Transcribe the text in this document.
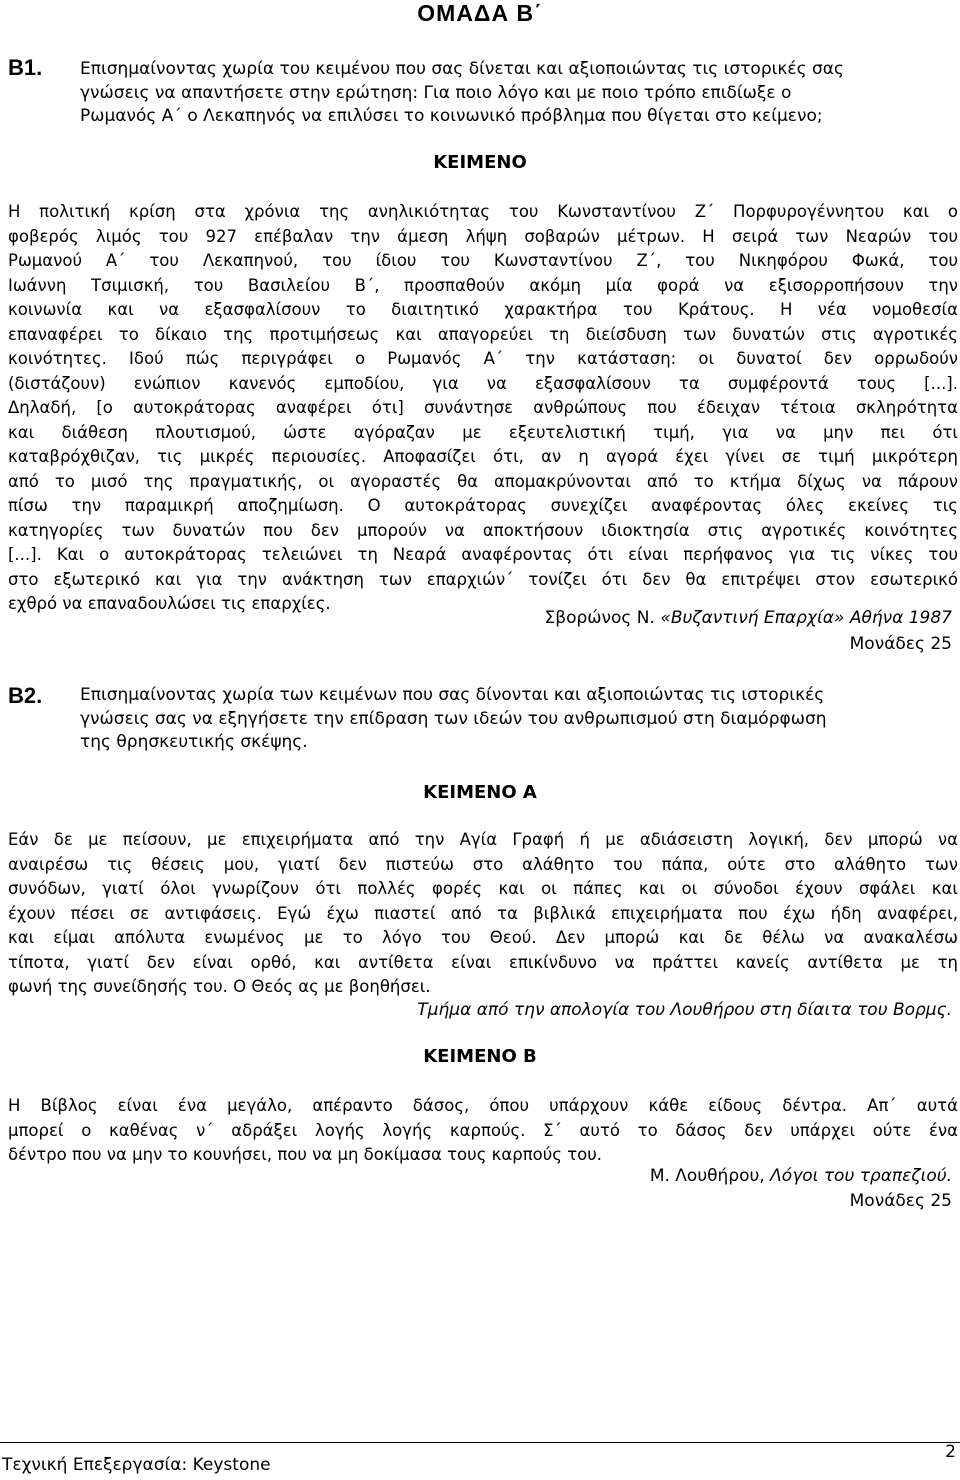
ΟΜΑΔΑ Β΄
Β1. Επισημαίνοντας χωρία του κειμένου που σας δίνεται και αξιοποιώντας τις ιστορικές σας
γνώσεις να απαντήσετε στην ερώτηση: Για ποιο λόγο και με ποιο τρόπο επιδίωξε ο
Ρωμανός Α΄ ο Λεκαπηνός να επιλύσει το κοινωνικό πρόβλημα που θίγεται στο κείμενο;
ΚΕΙΜΕΝΟ
Η πολιτική κρίση στα χρόνια της ανηλικιότητας του Κωνσταντίνου Ζ΄ Πορφυρογέννητου και ο
φοβερός λιμός του 927 επέβαλαν την άμεση λήψη σοβαρών μέτρων. Η σειρά των Νεαρών του
Ρωμανού Α΄ του Λεκαπηνού, του ίδιου του Κωνσταντίνου Ζ΄, του Νικηφόρου Φωκά, του
Ιωάννη Τσιμισκή, του Βασιλείου Β΄, προσπαθούν ακόμη μία φορά να εξισορροπήσουν την
κοινωνία και να εξασφαλίσουν το διαιτητικό χαρακτήρα του Κράτους. Η νέα νομοθεσία
επαναφέρει το δίκαιο της προτιμήσεως και απαγορεύει τη διείσδυση των δυνατών στις αγροτικές
κοινότητες. Ιδού πώς περιγράφει ο Ρωμανός Α΄ την κατάσταση: οι δυνατοί δεν ορρωδούν
(διστάζουν) ενώπιον κανενός εμποδίου, για να εξασφαλίσουν τα συμφέροντά τους [...].
Δηλαδή, [ο αυτοκράτορας αναφέρει ότι] συνάντησε ανθρώπους που έδειχαν τέτοια σκληρότητα
και διάθεση πλουτισμού, ώστε αγόραζαν με εξευτελιστική τιμή, για να μην πει ότι
καταβρόχθιζαν, τις μικρές περιουσίες. Αποφασίζει ότι, αν η αγορά έχει γίνει σε τιμή μικρότερη
από το μισό της πραγματικής, οι αγοραστές θα απομακρύνονται από το κτήμα δίχως να πάρουν
πίσω την παραμικρή αποζημίωση. Ο αυτοκράτορας συνεχίζει αναφέροντας όλες εκείνες τις
κατηγορίες των δυνατών που δεν μπορούν να αποκτήσουν ιδιοκτησία στις αγροτικές κοινότητες
[...]. Και ο αυτοκράτορας τελειώνει τη Νεαρά αναφέροντας ότι είναι περήφανος για τις νίκες του
στο εξωτερικό και για την ανάκτηση των επαρχιών΄ τονίζει ότι δεν θα επιτρέψει στον εσωτερικό
εχθρό να επαναδουλώσει τις επαρχίες.
Σβορώνος Ν. «Βυζαντινή Επαρχία» Αθήνα 1987
Μονάδες 25
Β2. Επισημαίνοντας χωρία των κειμένων που σας δίνονται και αξιοποιώντας τις ιστορικές
γνώσεις σας να εξηγήσετε την επίδραση των ιδεών του ανθρωπισμού στη διαμόρφωση
της θρησκευτικής σκέψης.
ΚΕΙΜΕΝΟ Α
Εάν δε με πείσουν, με επιχειρήματα από την Αγία Γραφή ή με αδιάσειστη λογική, δεν μπορώ να
αναιρέσω τις θέσεις μου, γιατί δεν πιστεύω στο αλάθητο του πάπα, ούτε στο αλάθητο των
συνόδων, γιατί όλοι γνωρίζουν ότι πολλές φορές και οι πάπες και οι σύνοδοι έχουν σφάλει και
έχουν πέσει σε αντιφάσεις. Εγώ έχω πιαστεί από τα βιβλικά επιχειρήματα που έχω ήδη αναφέρει,
και είμαι απόλυτα ενωμένος με το λόγο του Θεού. Δεν μπορώ και δε θέλω να ανακαλέσω
τίποτα, γιατί δεν είναι ορθό, και αντίθετα είναι επικίνδυνο να πράττει κανείς αντίθετα με τη
φωνή της συνείδησής του. Ο Θεός ας με βοηθήσει.
Τμήμα από την απολογία του Λουθήρου στη δίαιτα του Βορμς.
ΚΕΙΜΕΝΟ Β
Η Βίβλος είναι ένα μεγάλο, απέραντο δάσος, όπου υπάρχουν κάθε είδους δέντρα. Απ΄ αυτά
μπορεί ο καθένας ν΄ αδράξει λογής λογής καρπούς. Σ΄ αυτό το δάσος δεν υπάρχει ούτε ένα
δέντρο που να μην το κουνήσει, που να μη δοκίμασα τους καρπούς του.
Μ. Λουθήρου, Λόγοι του τραπεζιού.
Μονάδες 25
Τεχνική Επεξεργασία: Keystone
2
